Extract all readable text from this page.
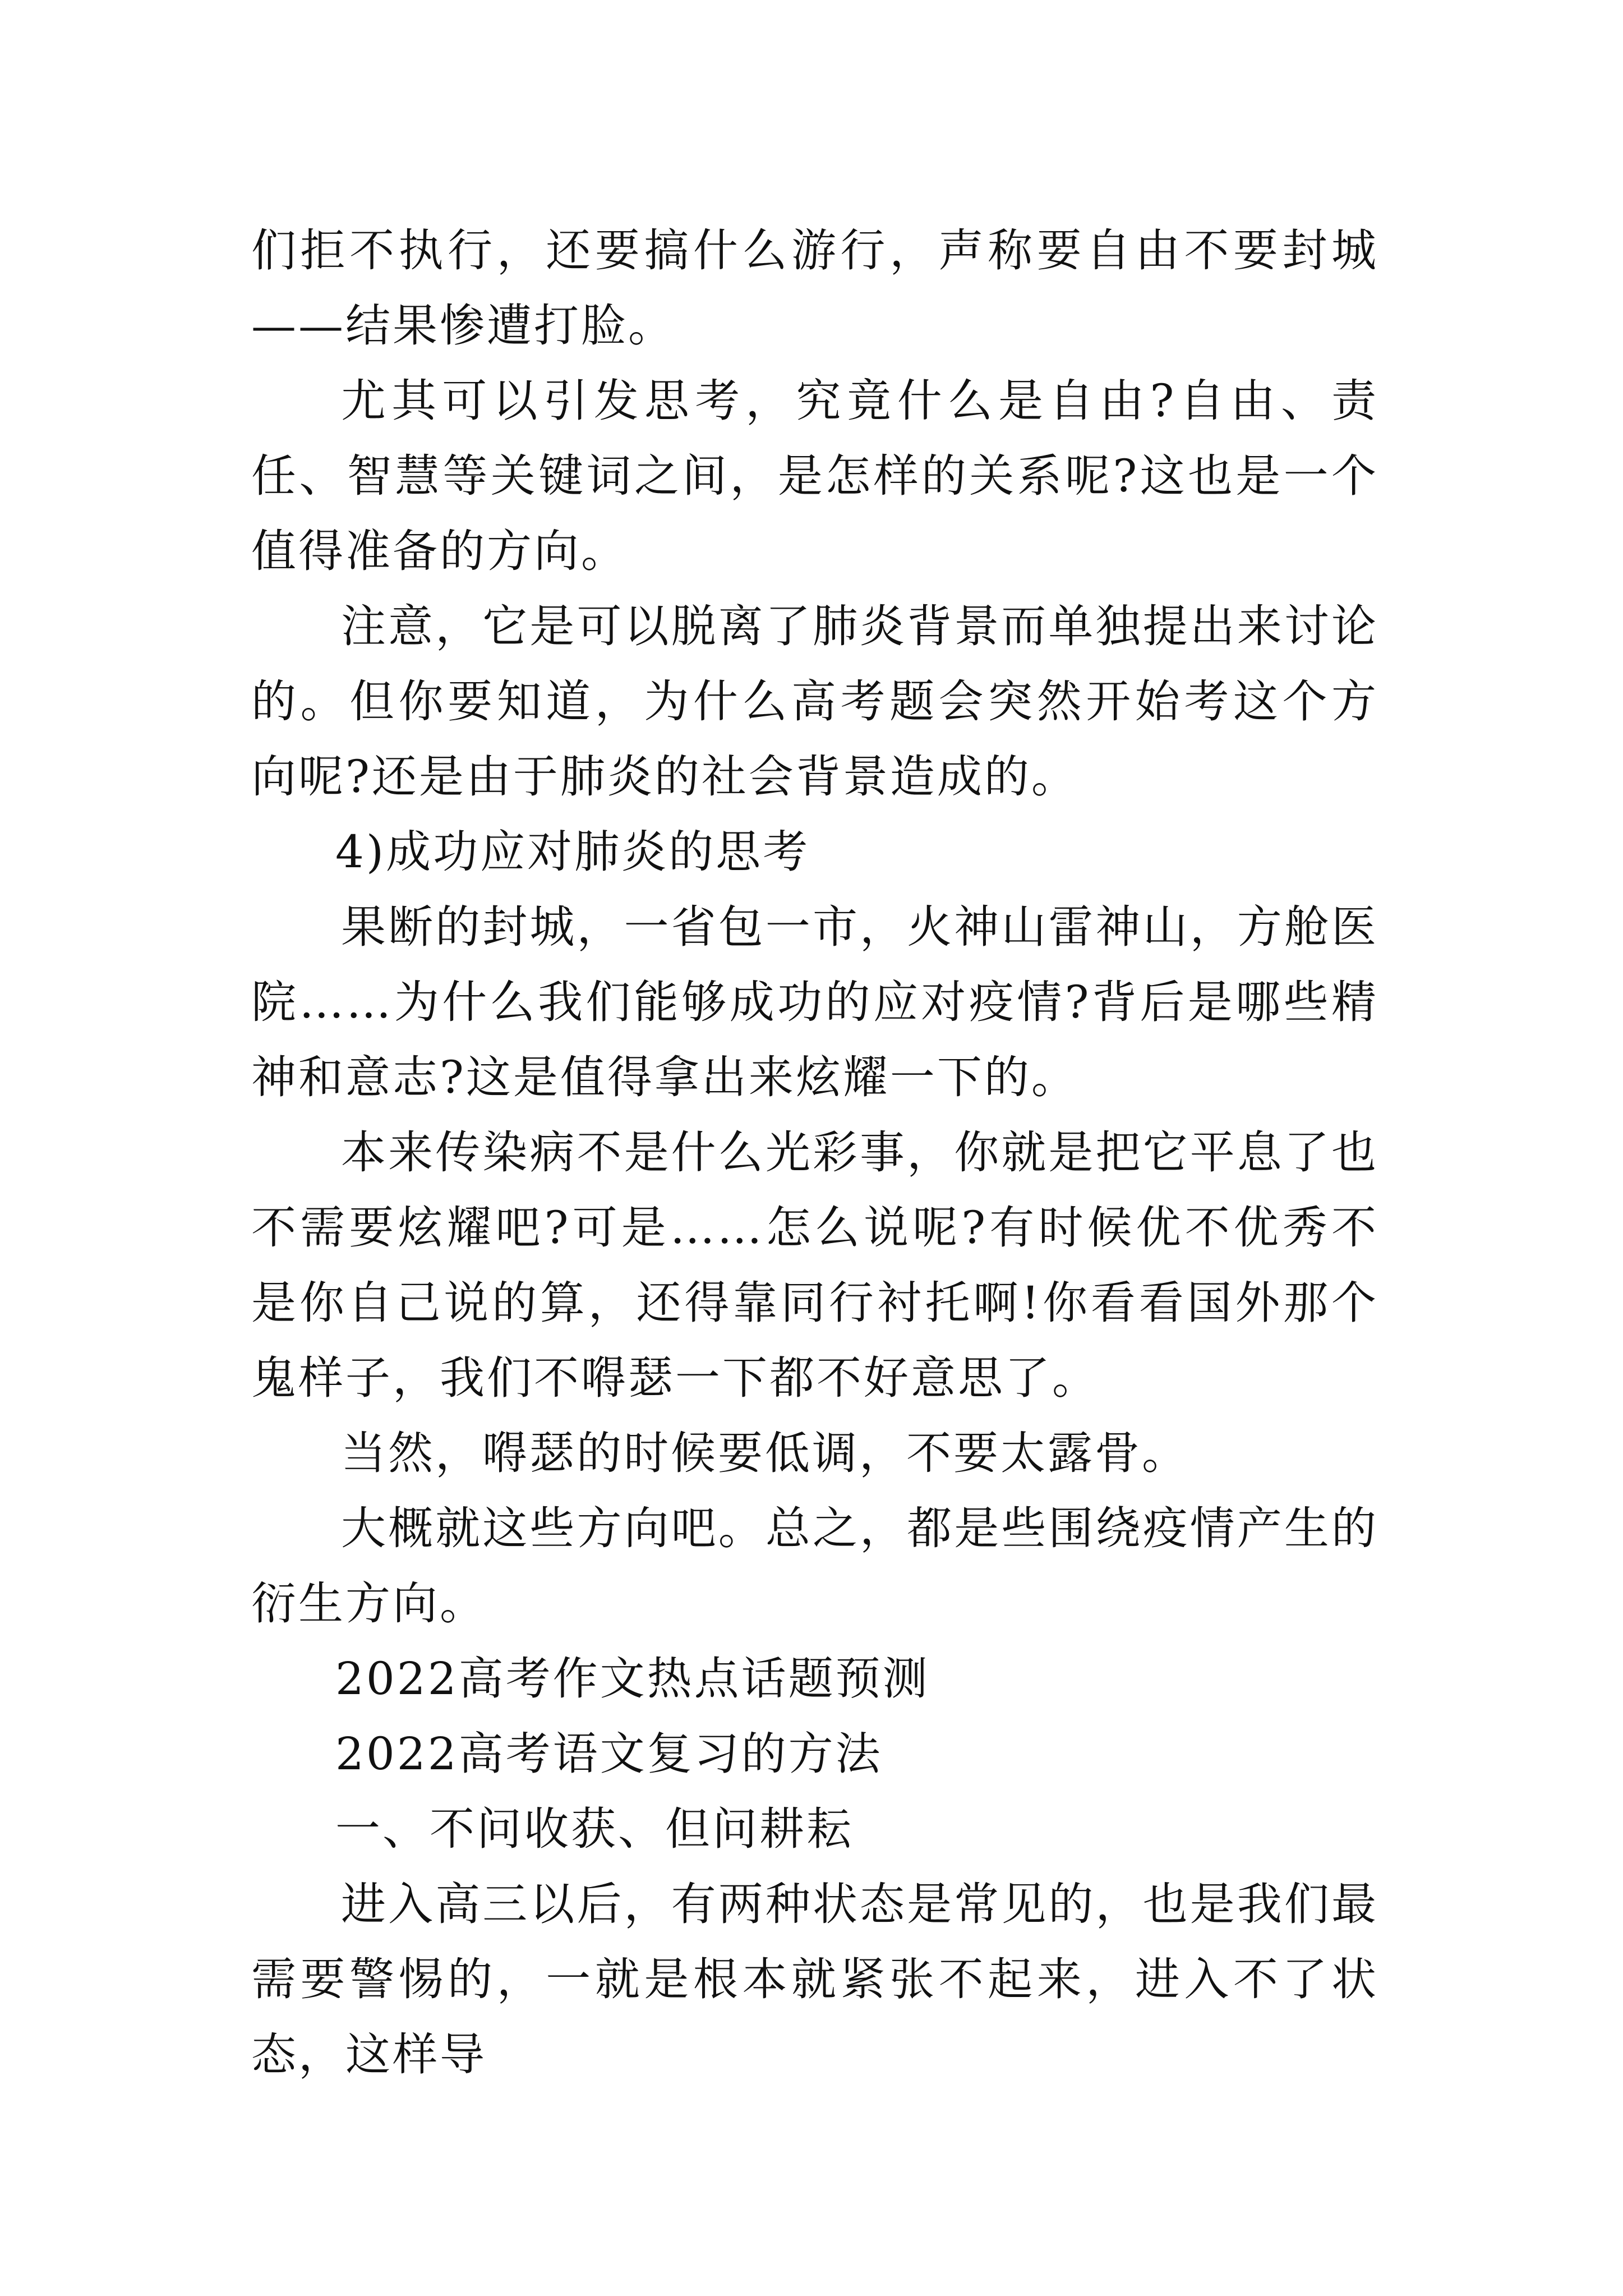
们拒不执行，还要搞什么游行，声称要自由不要封城——结果惨遭打脸。

尤其可以引发思考，究竟什么是自由?自由、责任、智慧等关键词之间，是怎样的关系呢?这也是一个值得准备的方向。

注意，它是可以脱离了肺炎背景而单独提出来讨论的。但你要知道，为什么高考题会突然开始考这个方向呢?还是由于肺炎的社会背景造成的。

4)成功应对肺炎的思考

果断的封城，一省包一市，火神山雷神山，方舱医院……为什么我们能够成功的应对疫情?背后是哪些精神和意志?这是值得拿出来炫耀一下的。

本来传染病不是什么光彩事，你就是把它平息了也不需要炫耀吧?可是……怎么说呢?有时候优不优秀不是你自己说的算，还得靠同行衬托啊!你看看国外那个鬼样子，我们不嘚瑟一下都不好意思了。

当然，嘚瑟的时候要低调，不要太露骨。

大概就这些方向吧。总之，都是些围绕疫情产生的衍生方向。

2022高考作文热点话题预测

2022高考语文复习的方法

一、不问收获、但问耕耘

进入高三以后，有两种状态是常见的，也是我们最需要警惕的，一就是根本就紧张不起来，进入不了状态，这样导
